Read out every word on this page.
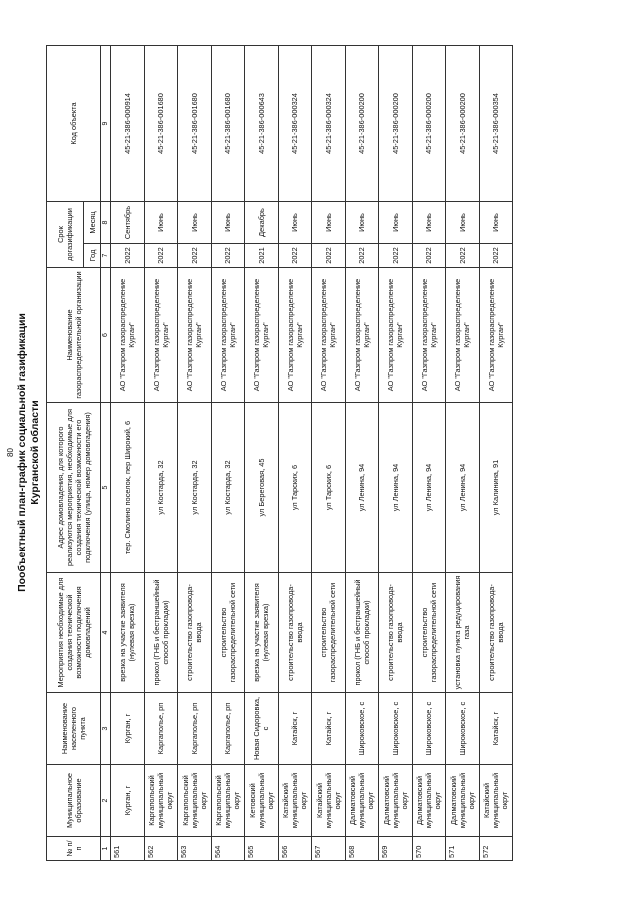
80 Пообъектный план-график социальной газификации Курганской области
№ п/п	Муниципальное образование	Наименование населенного пункта	Мероприятия необходимые для создания технической возможности подключения домовладений	Адрес домовладения, для которого реализуются мероприятия, необходимые для создания технической возможности его подключения (улица, номер домовладения)	Наименование газораспределительной организации	Срок догазификации		Код объекта
						Год	Месяц	
1	2	3	4	5	6	7	8	9
561	Курган, г	Курган, г	врезка на участке заявителя (нулевая врезка)	тер. Смолино поселок, пер Широкий, 6	АО "Газпром газораспределение Курган"	2022	Сентябрь	45-21-386-000914
562	Каргапольский муниципальный округ	Каргаполье, рп	прокол (ГНБ и бестраншейный способ прокладки)	ул Костарда, 32	АО "Газпром газораспределение Курган"	2022	Июнь	45-21-386-001680
563	Каргапольский муниципальный округ	Каргаполье, рп	строительство газопровода-ввода	ул Костарда, 32	АО "Газпром газораспределение Курган"	2022	Июнь	45-21-386-001680
564	Каргапольский муниципальный округ	Каргаполье, рп	строительство газораспределительной сети	ул Костарда, 32	АО "Газпром газораспределение Курган"	2022	Июнь	45-21-386-001680
565	Кетовский муниципальный округ	Новая Сидоровка, с	врезка на участке заявителя (нулевая врезка)	ул Береговая, 45	АО "Газпром газораспределение Курган"	2021	Декабрь	45-21-386-000643
566	Катайский муниципальный округ	Катайск, г	строительство газопровода-ввода	ул Тарских, 6	АО "Газпром газораспределение Курган"	2022	Июнь	45-21-386-000324
567	Катайский муниципальный округ	Катайск, г	строительство газораспределительной сети	ул Тарских, 6	АО "Газпром газораспределение Курган"	2022	Июнь	45-21-386-000324
568	Далматовский муниципальный округ	Широковское, с	прокол (ГНБ и бестраншейный способ прокладки)	ул Ленина, 94	АО "Газпром газораспределение Курган"	2022	Июнь	45-21-386-000200
569	Далматовский муниципальный округ	Широковское, с	строительство газопровода-ввода	ул Ленина, 94	АО "Газпром газораспределение Курган"	2022	Июнь	45-21-386-000200
570	Далматовский муниципальный округ	Широковское, с	строительство газораспределительной сети	ул Ленина, 94	АО "Газпром газораспределение Курган"	2022	Июнь	45-21-386-000200
571	Далматовский муниципальный округ	Широковское, с	установка пункта редуцирования газа	ул Ленина, 94	АО "Газпром газораспределение Курган"	2022	Июнь	45-21-386-000200
572	Катайский муниципальный округ	Катайск, г	строительство газопровода-ввода	ул Калинина, 91	АО "Газпром газораспределение Курган"	2022	Июнь	45-21-386-000354
